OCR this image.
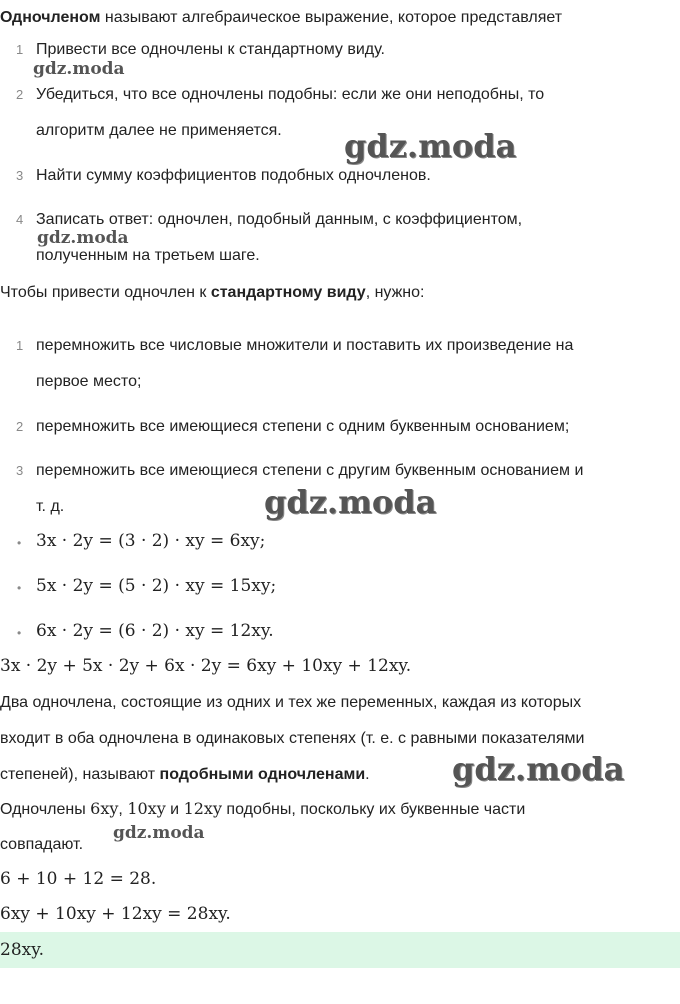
Одночленом называют алгебраическое выражение, которое представляет
1 Привести все одночлены к стандартному виду.
gdz.moda
2 Убедиться, что все одночлены подобны: если же они неподобны, то
алгоритм далее не применяется. gdz.moda
3 Найти сумму коэффициентов подобных одночленов.
4 Записать ответ: одночлен, подобный данным, с коэффициентом,
gdz.moda
полученным на третьем шаге.
Чтобы привести одночлен к стандартному виду, нужно:
1 перемножить все числовые множители и поставить их произведение на
первое место;
2 перемножить все имеющиеся степени с одним буквенным основанием;
3 перемножить все имеющиеся степени с другим буквенным основанием и
т. д.	gdz.moda
• 3x · 2y = (3 · 2) · xy = 6xy;
• 5x · 2y = (5 · 2) · xy = 15xy;
• 6x · 2y = (6 · 2) · xy = 12xy.
3x · 2y + 5x · 2y + 6x · 2y = 6xy + 10xy + 12xy.
Два одночлена, состоящие из одних и тех же переменных, каждая из которых
входит в оба одночлена в одинаковых степенях (т. е. с равными показателями
степеней), называют подобными одночленами.	gdz.moda
Одночлены 6xy, 10xy и 12xy подобны, поскольку их буквенные части
совпадают.
gdz.moda
6 + 10 + 12 = 28.
6xy + 10xy + 12xy = 28xy.
28xy.
